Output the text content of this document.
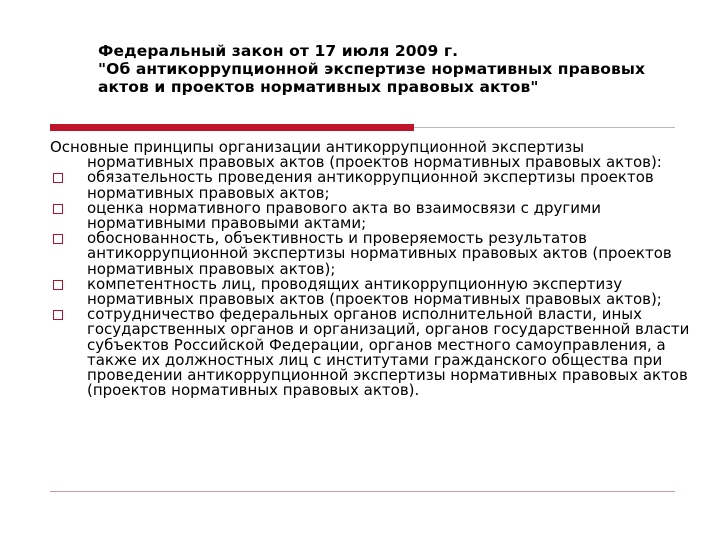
Федеральный закон от 17 июля 2009 г.
"Об антикоррупционной экспертизе нормативных правовых
актов и проектов нормативных правовых актов"
Основные принципы организации антикоррупционной экспертизы нормативных правовых актов (проектов нормативных правовых актов):
обязательность проведения антикоррупционной экспертизы проектов нормативных правовых актов;
оценка нормативного правового акта во взаимосвязи с другими нормативными правовыми актами;
обоснованность, объективность и проверяемость результатов антикоррупционной экспертизы нормативных правовых актов (проектов нормативных правовых актов);
компетентность лиц, проводящих антикоррупционную экспертизу нормативных правовых актов (проектов нормативных правовых актов);
сотрудничество федеральных органов исполнительной власти, иных государственных органов и организаций, органов государственной власти субъектов Российской Федерации, органов местного самоуправления, а также их должностных лиц с институтами гражданского общества при проведении антикоррупционной экспертизы нормативных правовых актов (проектов нормативных правовых актов).
